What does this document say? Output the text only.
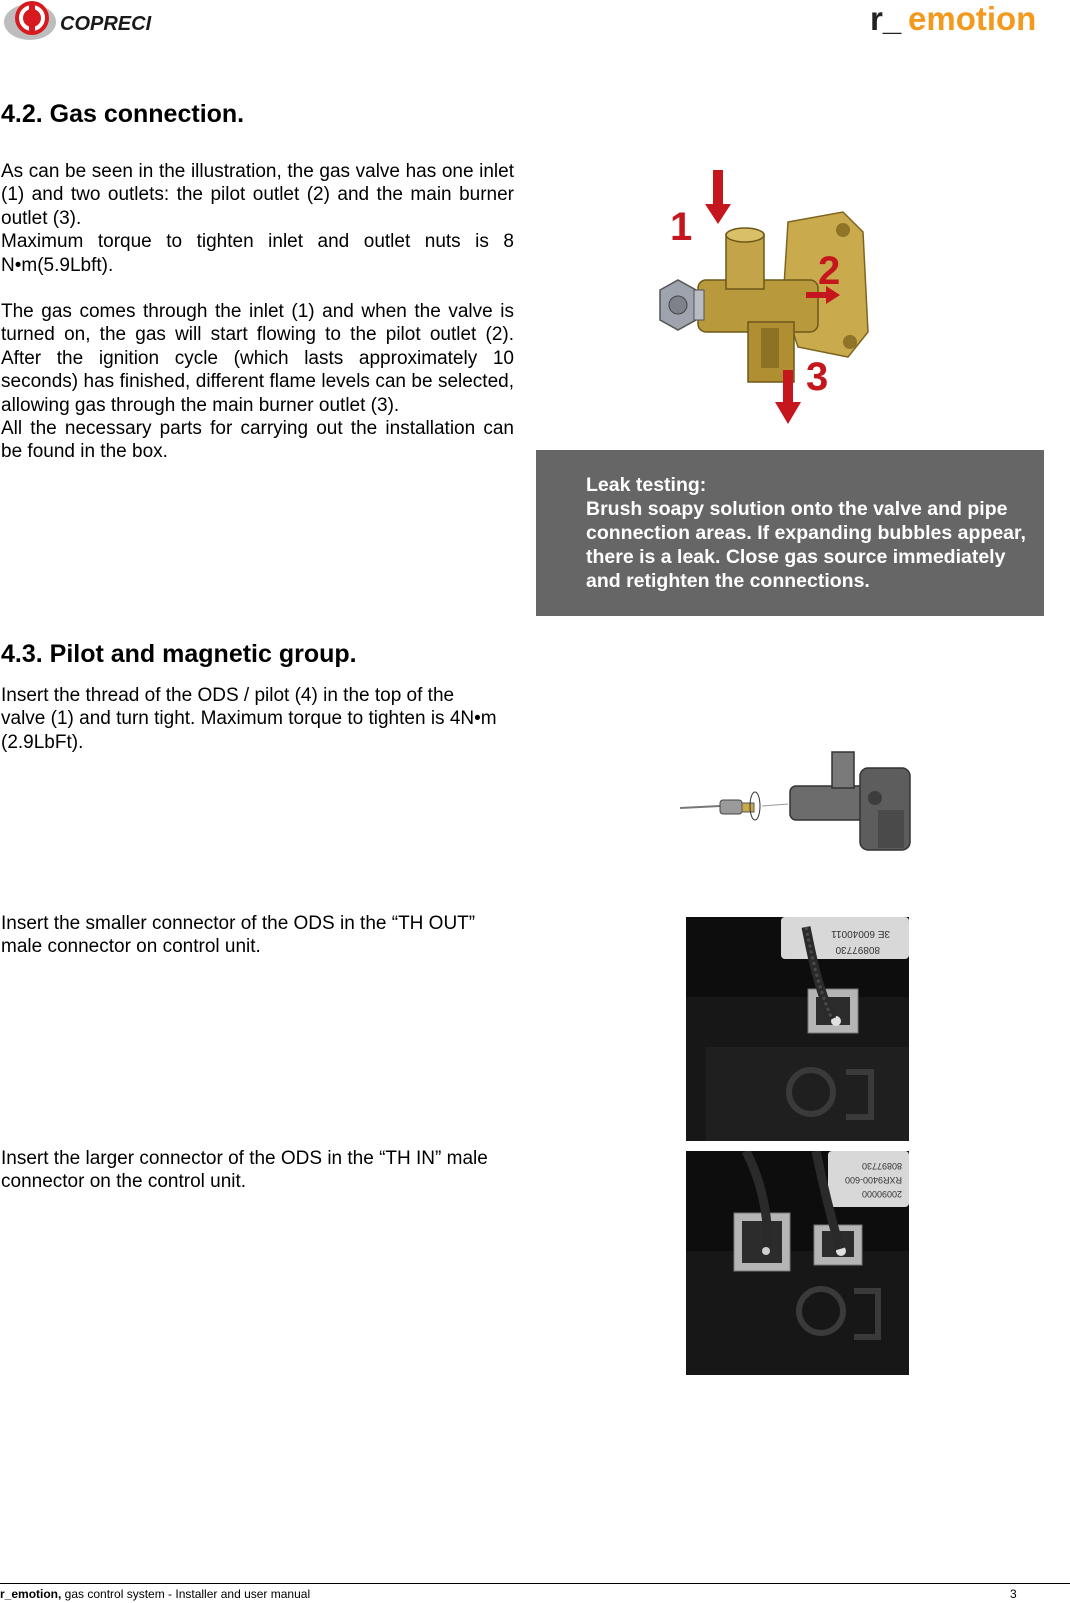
COPRECI	r_ emotion
4.2. Gas connection.

As can be seen in the illustration, the gas valve has one inlet (1) and two outlets: the pilot outlet (2) and the main burner outlet (3).

Maximum torque to tighten inlet and outlet nuts is 8 N•m(5.9Lbft).

The gas comes through the inlet (1) and when the valve is turned on, the gas will start flowing to the pilot outlet (2). After the ignition cycle (which lasts approximately 10 seconds) has finished, different flame levels can be selected, allowing gas through the main burner outlet (3).

All the necessary parts for carrying out the installation can be found in the box.

1
2
3
Leak testing:
Brush soapy solution onto the valve and pipe connection areas. If expanding bubbles appear, there is a leak. Close gas source immediately and retighten the connections.
4.3. Pilot and magnetic group.
Insert the thread of the ODS / pilot (4) in the top of the valve (1) and turn tight. Maximum torque to tighten is 4N•m (2.9LbFt).
Insert the smaller connector of the ODS in the “TH OUT” male connector on control unit.
3E 60040011
80897730
Insert the larger connector of the ODS in the “TH IN” male connector on the control unit.
80897730
RXR9400-600
20090000
r_emotion, gas control system - Installer and user manual	3
